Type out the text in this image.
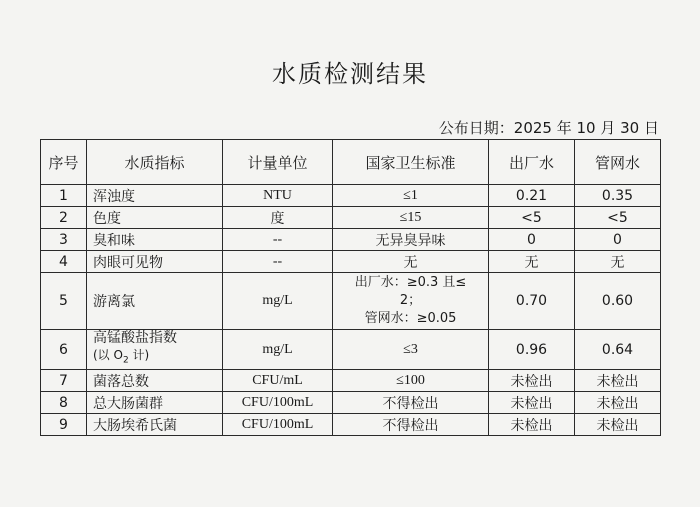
水质检测结果
公布日期：2025 年 10 月 30 日
序号	水质指标	计量单位	国家卫生标准	出厂水	管网水
1	浑浊度	NTU	≤1	0.21	0.35
2	色度	度	≤15	<5	<5
3	臭和味	--	无异臭异味	0	0
4	肉眼可见物	--	无	无	无
5	游离氯	mg/L	出厂水：≥0.3 且≤
2；
管网水：≥0.05	0.70	0.60
6	高锰酸盐指数
(以 $O_2$ 计)	mg/L	≤3	0.96	0.64
7	菌落总数	CFU/mL	≤100	未检出	未检出
8	总大肠菌群	CFU/100mL	不得检出	未检出	未检出
9	大肠埃希氏菌	CFU/100mL	不得检出	未检出	未检出
